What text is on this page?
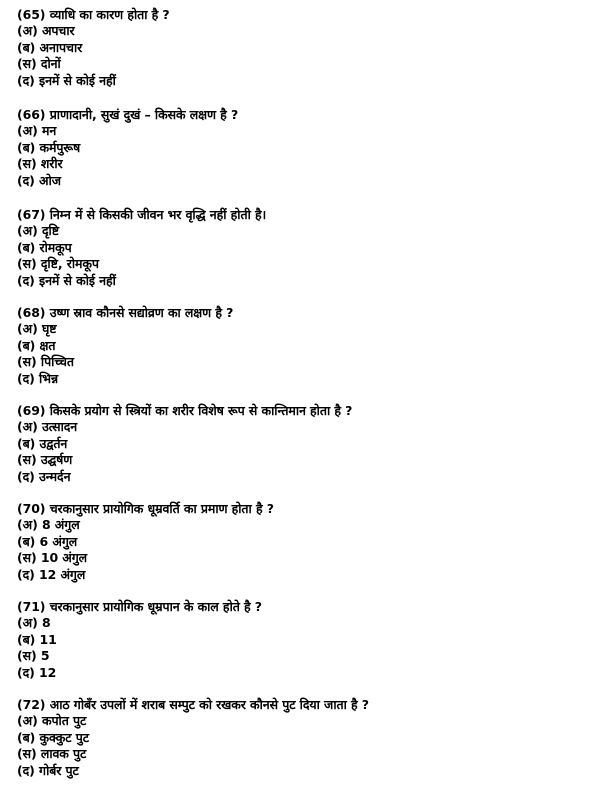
(65) व्याधि का कारण होता है ?
(अ) अपचार
(ब) अनापचार
(स) दोनों
(द) इनमें से कोई नहीं
(66) प्राणादानी, सुखं दुखं – किसके लक्षण है ?
(अ) मन
(ब) कर्मपुरूष
(स) शरीर
(द) ओज
(67) निम्न में से किसकी जीवन भर वृद्धि नहीं होती है।
(अ) दृष्टि
(ब) रोमकूप
(स) दृष्टि, रोमकूप
(द) इनमें से कोई नहीं
(68) उष्ण स्राव कौनसे सद्योव्रण का लक्षण है ?
(अ) घृष्ट
(ब) क्षत
(स) पिच्चित
(द) भिन्न
(69) किसके प्रयोग से स्त्रियों का शरीर विशेष रूप से कान्तिमान होता है ?
(अ) उत्सादन
(ब) उद्वर्तन
(स) उद्घर्षण
(द) उन्मर्दन
(70) चरकानुसार प्रायोगिक धूम्रवर्ति का प्रमाण होता है ?
(अ) 8 अंगुल
(ब) 6 अंगुल
(स) 10 अंगुल
(द) 12 अंगुल
(71) चरकानुसार प्रायोगिक धूम्रपान के काल होते है ?
(अ) 8
(ब) 11
(स) 5
(द) 12
(72) आठ गोबँर उपलों में शराब सम्पुट को रखकर कौनसे पुट दिया जाता है ?
(अ) कपोत पुट
(ब) कुक्कुट पुट
(स) लावक पुट
(द) गोर्बर पुट
